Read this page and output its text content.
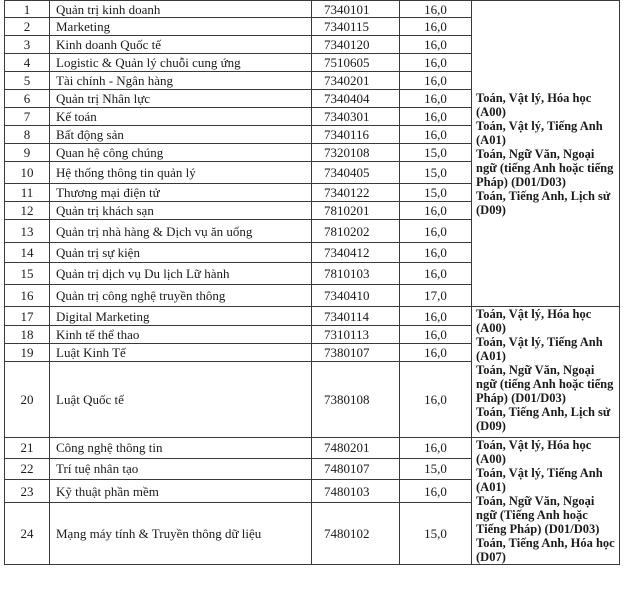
1	Quản trị kinh doanh	7340101	16,0	Toán, Vật lý, Hóa học (A00)
Toán, Vật lý, Tiếng Anh (A01)
Toán, Ngữ Văn, Ngoại ngữ (tiếng Anh hoặc tiếng Pháp) (D01/D03)
Toán, Tiếng Anh, Lịch sử (D09)

2	Marketing	7340115	16,0	
3	Kinh doanh Quốc tế	7340120	16,0	
4	Logistic & Quản lý chuỗi cung ứng	7510605	16,0	
5	Tài chính - Ngân hàng	7340201	16,0	
6	Quản trị Nhân lực	7340404	16,0	
7	Kế toán	7340301	16,0	
8	Bất động sản	7340116	16,0	
9	Quan hệ công chúng	7320108	15,0	
10	Hệ thống thông tin quản lý	7340405	15,0	
11	Thương mại điện tử	7340122	15,0	
12	Quản trị khách sạn	7810201	16,0	
13	Quản trị nhà hàng & Dịch vụ ăn uống	7810202	16,0	
14	Quản trị sự kiện	7340412	16,0	
15	Quản trị dịch vụ Du lịch Lữ hành	7810103	16,0	
16	Quản trị công nghệ truyền thông	7340410	17,0	
17	Digital Marketing	7340114	16,0	Toán, Vật lý, Hóa học (A00)
Toán, Vật lý, Tiếng Anh (A01)
Toán, Ngữ Văn, Ngoại ngữ (tiếng Anh hoặc tiếng Pháp) (D01/D03)
Toán, Tiếng Anh, Lịch sử (D09)

18	Kinh tế thể thao	7310113	16,0	
19	Luật Kinh Tế	7380107	16,0	
20	Luật Quốc tế	7380108	16,0	
21	Công nghệ thông tin	7480201	16,0	Toán, Vật lý, Hóa học (A00)
Toán, Vật lý, Tiếng Anh (A01)
Toán, Ngữ Văn, Ngoại ngữ (Tiếng Anh hoặc Tiếng Pháp) (D01/D03)
Toán, Tiếng Anh, Hóa học (D07)

22	Trí tuệ nhân tạo	7480107	15,0	
23	Kỹ thuật phần mềm	7480103	16,0	
24	Mạng máy tính & Truyền thông dữ liệu	7480102	15,0	
